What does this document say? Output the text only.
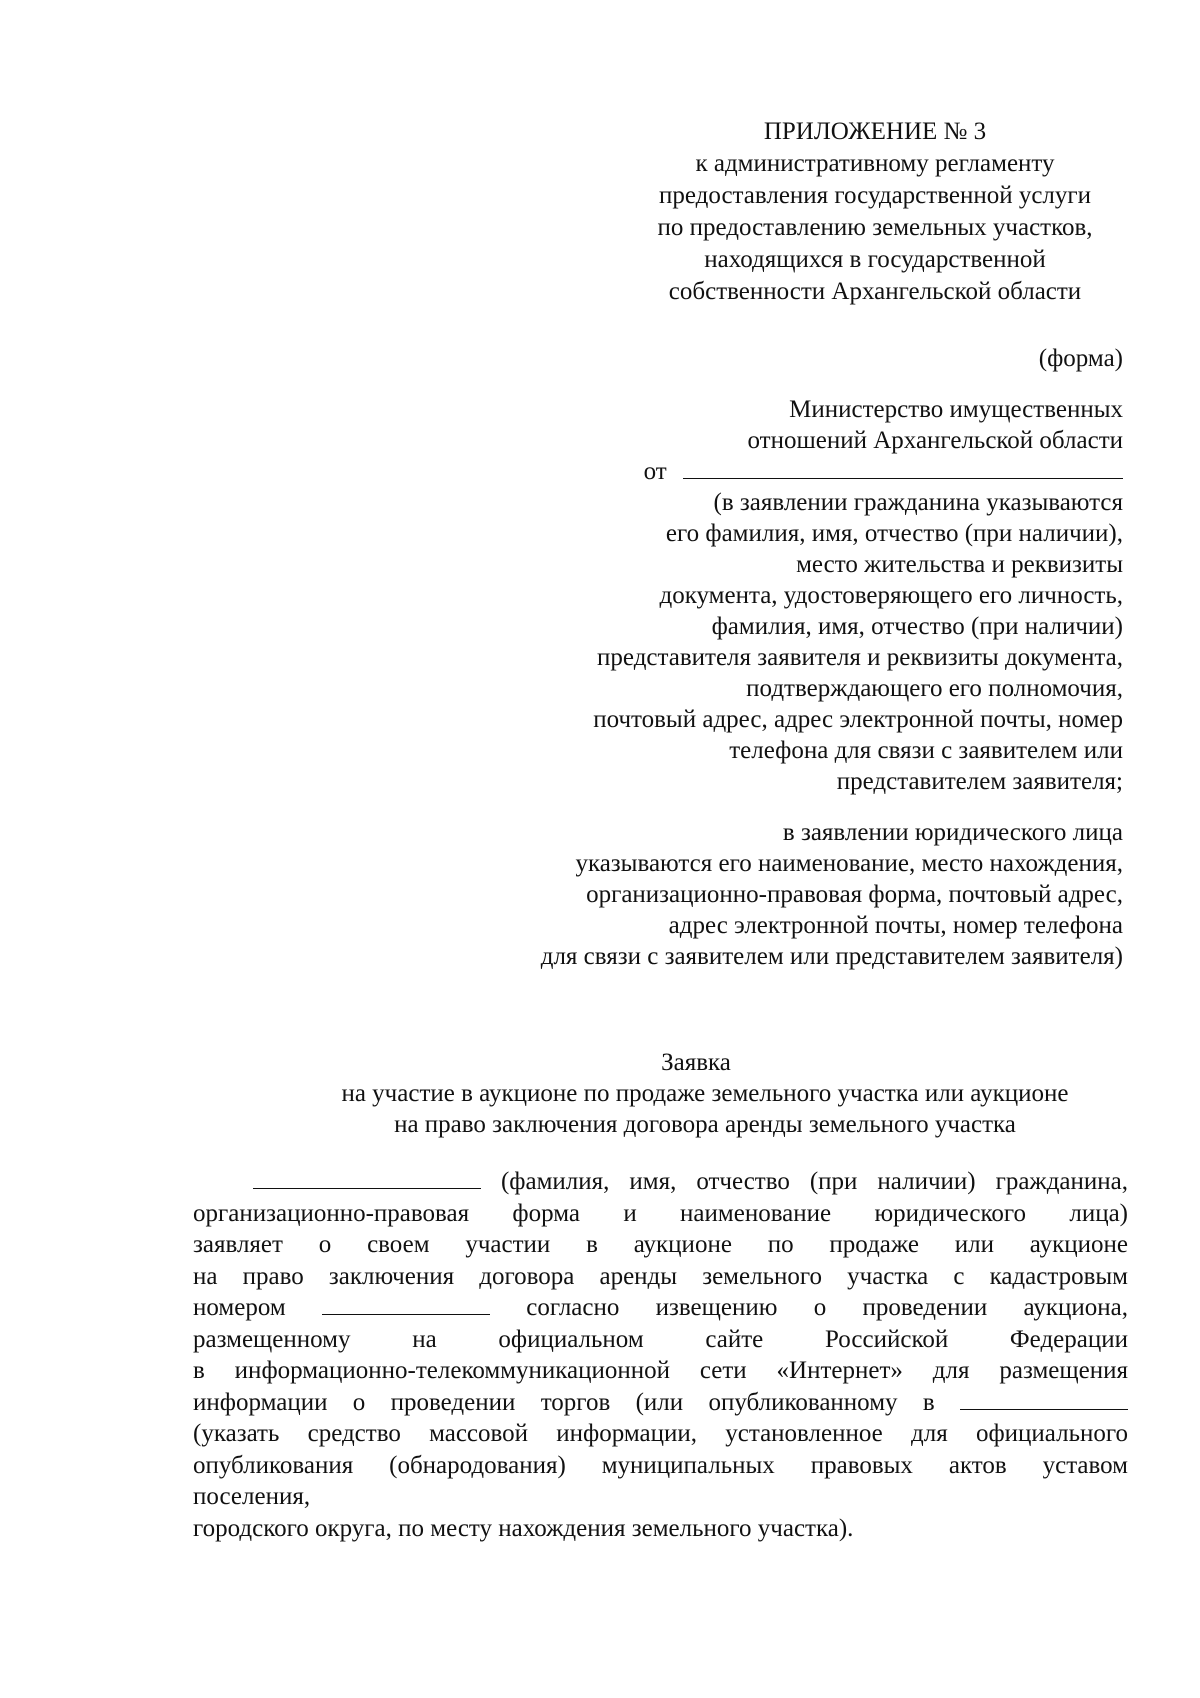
ПРИЛОЖЕНИЕ № 3
к административному регламенту
предоставления государственной услуги
по предоставлению земельных участков,
находящихся в государственной
собственности Архангельской области
(форма)
Министерство имущественных
отношений Архангельской области
от
(в заявлении гражданина указываются
его фамилия, имя, отчество (при наличии),
место жительства и реквизиты
документа, удостоверяющего его личность,
фамилия, имя, отчество (при наличии)
представителя заявителя и реквизиты документа,
подтверждающего его полномочия,
почтовый адрес, адрес электронной почты, номер
телефона для связи с заявителем или
представителем заявителя;
в заявлении юридического лица
указываются его наименование, место нахождения,
организационно-правовая форма, почтовый адрес,
адрес электронной почты, номер телефона
для связи с заявителем или представителем заявителя)
Заявка
на участие в аукционе по продаже земельного участка или аукционе
на право заключения договора аренды земельного участка
(фамилия, имя, отчество (при наличии) гражданина,
организационно-правовая форма и наименование юридического лица)
заявляет о своем участии в аукционе по продаже или аукционе
на право заключения договора аренды земельного участка с кадастровым
номером	согласно извещению о проведении аукциона,
размещенному на официальном сайте Российской Федерации
в информационно-телекоммуникационной сети «Интернет» для размещения
информации о проведении торгов (или опубликованному в
(указать средство массовой информации, установленное для официального
опубликования (обнародования) муниципальных правовых актов уставом
поселения,
городского округа, по месту нахождения земельного участка).
